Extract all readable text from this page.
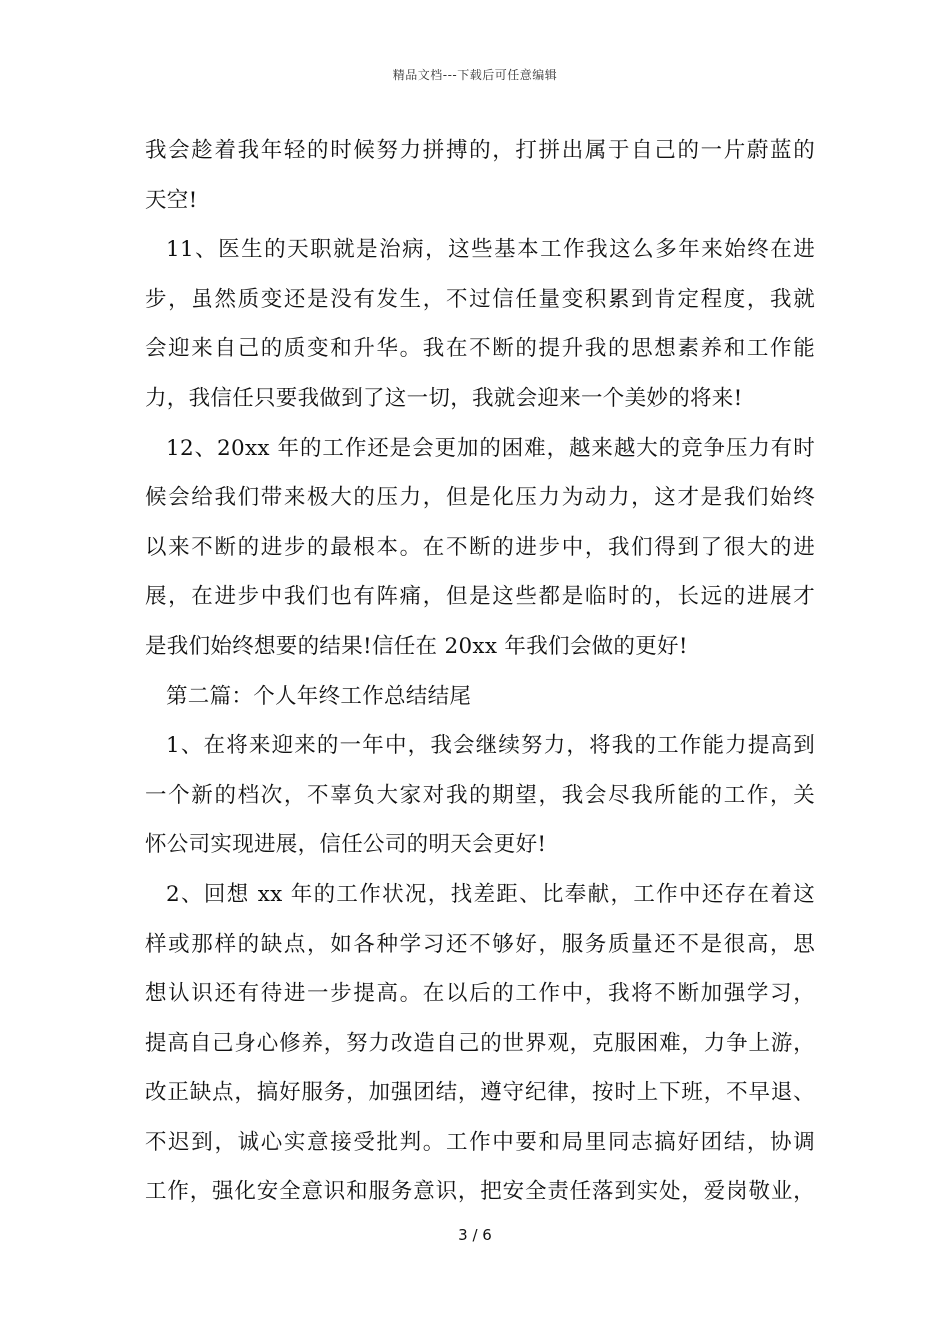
精品文档---下载后可任意编辑
我会趁着我年轻的时候努力拼搏的，打拼出属于自己的一片蔚蓝的
天空!
11、医生的天职就是治病，这些基本工作我这么多年来始终在进
步，虽然质变还是没有发生，不过信任量变积累到肯定程度，我就
会迎来自己的质变和升华。我在不断的提升我的思想素养和工作能
力，我信任只要我做到了这一切，我就会迎来一个美妙的将来!
12、20xx 年的工作还是会更加的困难，越来越大的竞争压力有时
候会给我们带来极大的压力，但是化压力为动力，这才是我们始终
以来不断的进步的最根本。在不断的进步中，我们得到了很大的进
展，在进步中我们也有阵痛，但是这些都是临时的，长远的进展才
是我们始终想要的结果!信任在 20xx 年我们会做的更好!
第二篇：个人年终工作总结结尾
1、在将来迎来的一年中，我会继续努力，将我的工作能力提高到
一个新的档次，不辜负大家对我的期望，我会尽我所能的工作，关
怀公司实现进展，信任公司的明天会更好!
2、回想 xx 年的工作状况，找差距、比奉献，工作中还存在着这
样或那样的缺点，如各种学习还不够好，服务质量还不是很高，思
想认识还有待进一步提高。在以后的工作中，我将不断加强学习，
提高自己身心修养，努力改造自己的世界观，克服困难，力争上游，
改正缺点，搞好服务，加强团结，遵守纪律，按时上下班，不早退、
不迟到，诚心实意接受批判。工作中要和局里同志搞好团结，协调
工作，强化安全意识和服务意识，把安全责任落到实处，爱岗敬业，
3 / 6
